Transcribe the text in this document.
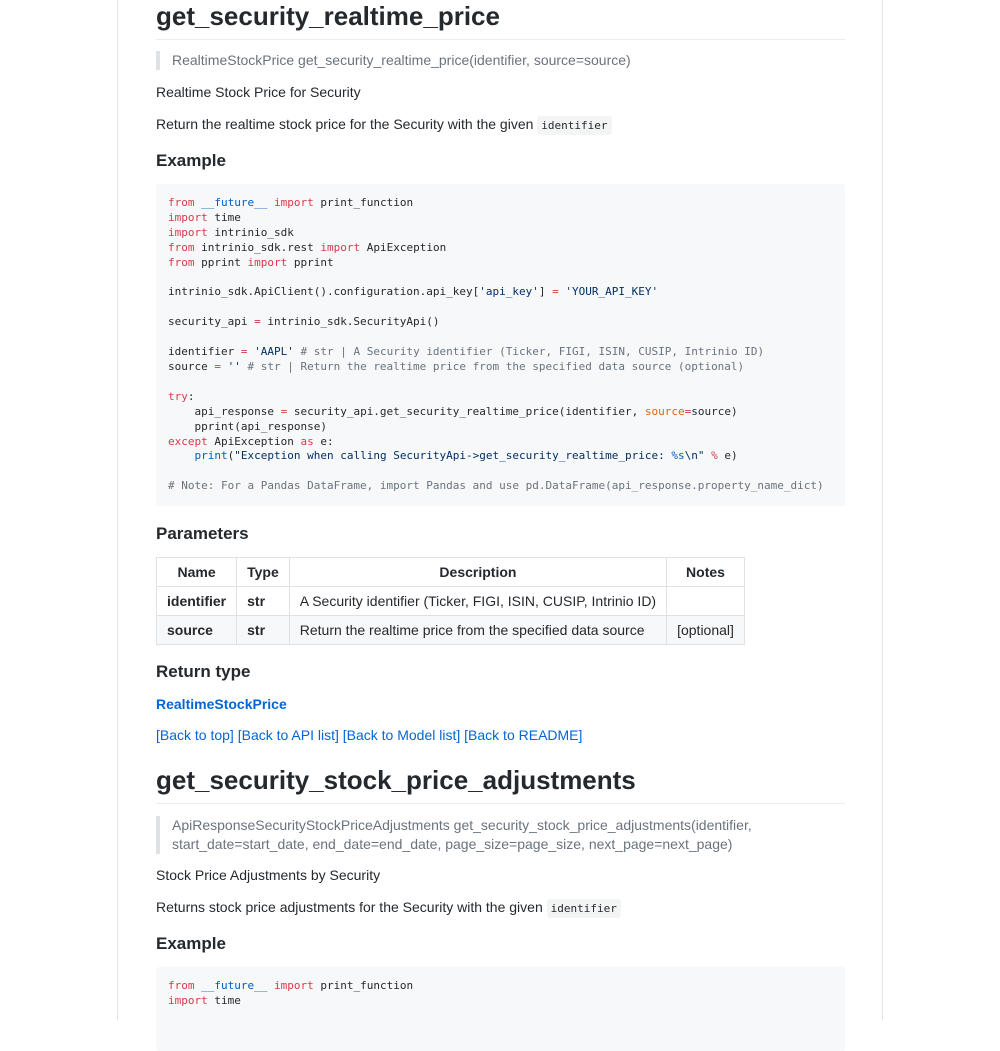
get_security_realtime_price
RealtimeStockPrice get_security_realtime_price(identifier, source=source)
Realtime Stock Price for Security
Return the realtime stock price for the Security with the given identifier
Example
from __future__ import print_function
import time
import intrinio_sdk
from intrinio_sdk.rest import ApiException
from pprint import pprint

intrinio_sdk.ApiClient().configuration.api_key['api_key'] = 'YOUR_API_KEY'

security_api = intrinio_sdk.SecurityApi()

identifier = 'AAPL' # str | A Security identifier (Ticker, FIGI, ISIN, CUSIP, Intrinio ID)
source = '' # str | Return the realtime price from the specified data source (optional)

try:
api_response = security_api.get_security_realtime_price(identifier, source=source)
pprint(api_response)
except ApiException as e:
print("Exception when calling SecurityApi->get_security_realtime_price: %s\n" % e)

# Note: For a Pandas DataFrame, import Pandas and use pd.DataFrame(api_response.property_name_dict)
Parameters
Name	Type	Description	Notes
identifier	str	A Security identifier (Ticker, FIGI, ISIN, CUSIP, Intrinio ID)	
source	str	Return the realtime price from the specified data source	[optional]
Return type
RealtimeStockPrice
[Back to top] [Back to API list] [Back to Model list] [Back to README]
get_security_stock_price_adjustments
ApiResponseSecurityStockPriceAdjustments get_security_stock_price_adjustments(identifier, start_date=start_date, end_date=end_date, page_size=page_size, next_page=next_page)
Stock Price Adjustments by Security
Returns stock price adjustments for the Security with the given identifier
Example
from __future__ import print_function
import time
